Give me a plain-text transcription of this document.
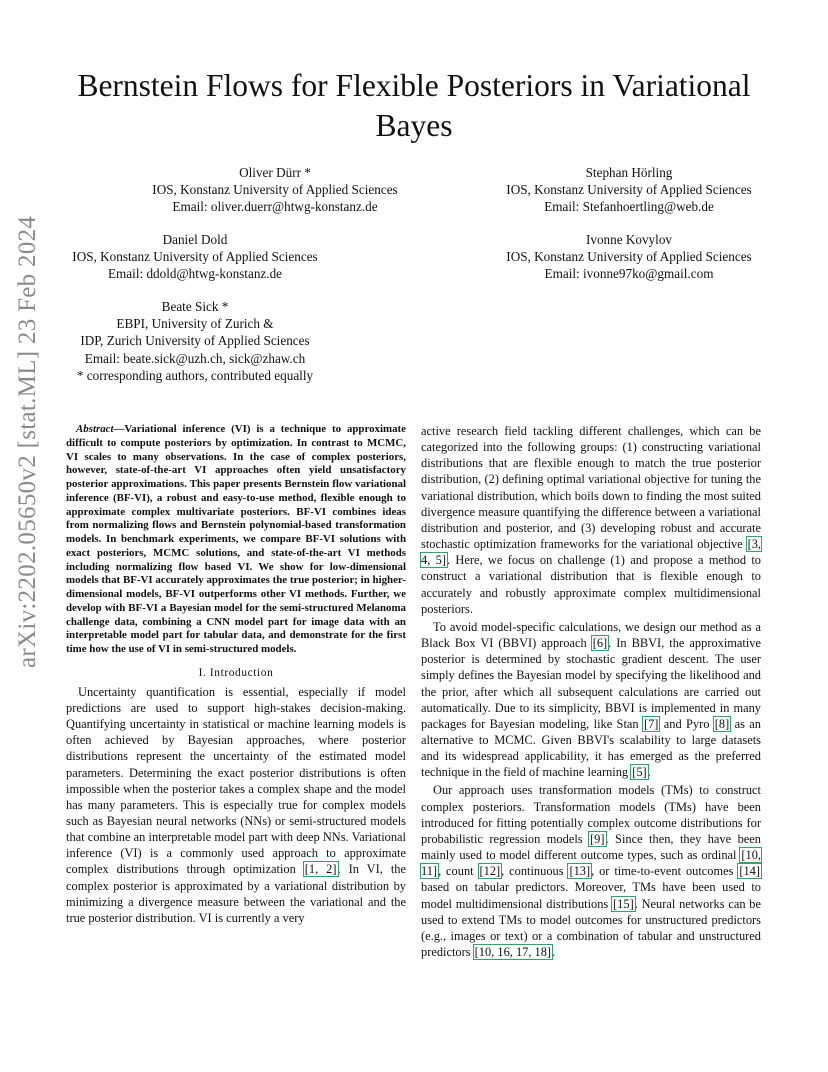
arXiv:2202.05650v2 [stat.ML] 23 Feb 2024
Bernstein Flows for Flexible Posteriors in Variational Bayes
Oliver Dürr *
IOS, Konstanz University of Applied Sciences
Email: oliver.duerr@htwg-konstanz.de
Stephan Hörling
IOS, Konstanz University of Applied Sciences
Email: Stefanhoertling@web.de
Daniel Dold
IOS, Konstanz University of Applied Sciences
Email: ddold@htwg-konstanz.de
Ivonne Kovylov
IOS, Konstanz University of Applied Sciences
Email: ivonne97ko@gmail.com
Beate Sick *
EBPI, University of Zurich &
IDP, Zurich University of Applied Sciences
Email: beate.sick@uzh.ch, sick@zhaw.ch
* corresponding authors, contributed equally
Abstract—Variational inference (VI) is a technique to approximate difficult to compute posteriors by optimization. In contrast to MCMC, VI scales to many observations. In the case of complex posteriors, however, state-of-the-art VI approaches often yield unsatisfactory posterior approximations. This paper presents Bernstein flow variational inference (BF-VI), a robust and easy-to-use method, flexible enough to approximate complex multivariate posteriors. BF-VI combines ideas from normalizing flows and Bernstein polynomial-based transformation models. In benchmark experiments, we compare BF-VI solutions with exact posteriors, MCMC solutions, and state-of-the-art VI methods including normalizing flow based VI. We show for low-dimensional models that BF-VI accurately approximates the true posterior; in higher-dimensional models, BF-VI outperforms other VI methods. Further, we develop with BF-VI a Bayesian model for the semi-structured Melanoma challenge data, combining a CNN model part for image data with an interpretable model part for tabular data, and demonstrate for the first time how the use of VI in semi-structured models.
I. Introduction
Uncertainty quantification is essential, especially if model predictions are used to support high-stakes decision-making. Quantifying uncertainty in statistical or machine learning models is often achieved by Bayesian approaches, where posterior distributions represent the uncertainty of the estimated model parameters. Determining the exact posterior distributions is often impossible when the posterior takes a complex shape and the model has many parameters. This is especially true for complex models such as Bayesian neural networks (NNs) or semi-structured models that combine an interpretable model part with deep NNs. Variational inference (VI) is a commonly used approach to approximate complex distributions through optimization [1, 2]. In VI, the complex posterior is approximated by a variational distribution by minimizing a divergence measure between the variational and the true posterior distribution. VI is currently a very
active research field tackling different challenges, which can be categorized into the following groups: (1) constructing variational distributions that are flexible enough to match the true posterior distribution, (2) defining optimal variational objective for tuning the variational distribution, which boils down to finding the most suited divergence measure quantifying the difference between a variational distribution and posterior, and (3) developing robust and accurate stochastic optimization frameworks for the variational objective [3, 4, 5]. Here, we focus on challenge (1) and propose a method to construct a variational distribution that is flexible enough to accurately and robustly approximate complex multidimensional posteriors.
To avoid model-specific calculations, we design our method as a Black Box VI (BBVI) approach [6]. In BBVI, the approximative posterior is determined by stochastic gradient descent. The user simply defines the Bayesian model by specifying the likelihood and the prior, after which all subsequent calculations are carried out automatically. Due to its simplicity, BBVI is implemented in many packages for Bayesian modeling, like Stan [7] and Pyro [8] as an alternative to MCMC. Given BBVI's scalability to large datasets and its widespread applicability, it has emerged as the preferred technique in the field of machine learning [5].
Our approach uses transformation models (TMs) to construct complex posteriors. Transformation models (TMs) have been introduced for fitting potentially complex outcome distributions for probabilistic regression models [9]. Since then, they have been mainly used to model different outcome types, such as ordinal [10, 11], count [12], continuous [13], or time-to-event outcomes [14] based on tabular predictors. Moreover, TMs have been used to model multidimensional distributions [15]. Neural networks can be used to extend TMs to model outcomes for unstructured predictors (e.g., images or text) or a combination of tabular and unstructured predictors [10, 16, 17, 18].
